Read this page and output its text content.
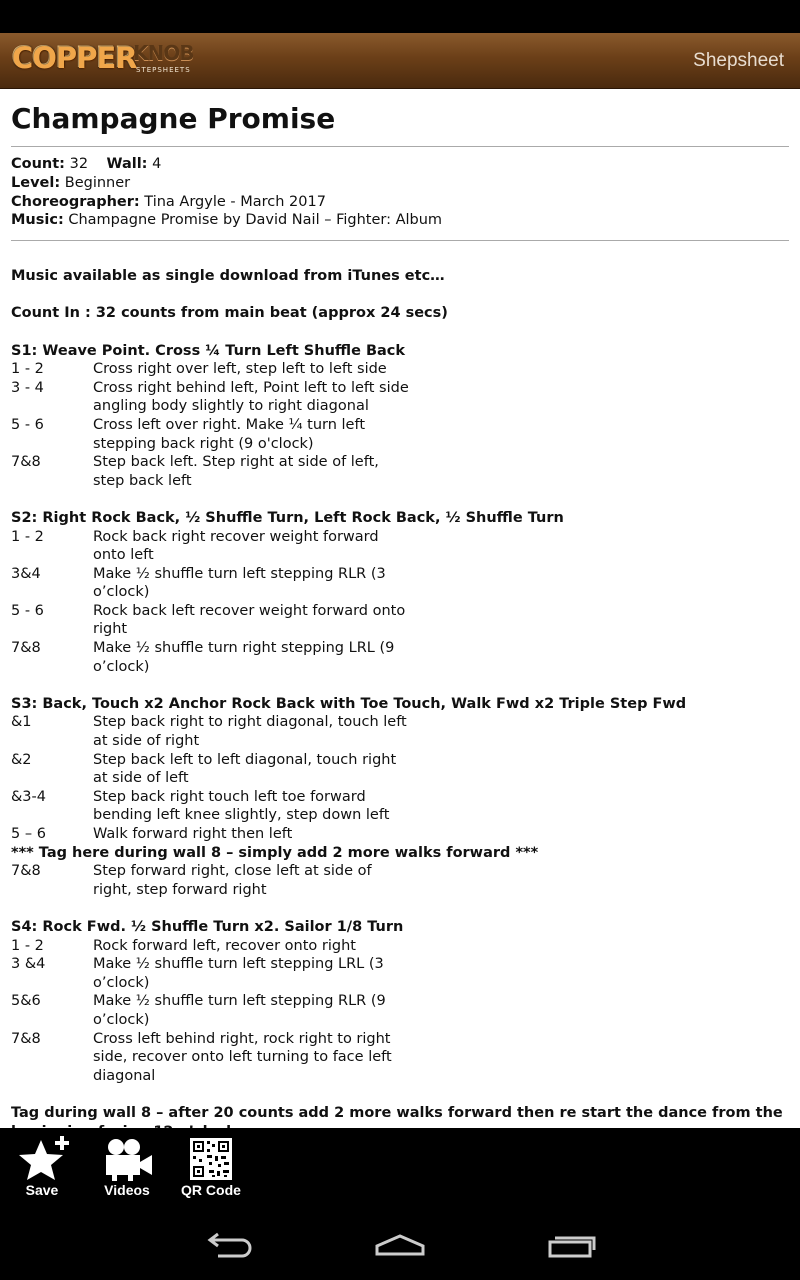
COPPER
KNOB
STEPSHEETS	Shepsheet
Champagne Promise
Count: 32 Wall: 4
Level: Beginner
Choreographer: Tina Argyle - March 2017
Music: Champagne Promise by David Nail – Fighter: Album
Music available as single download from iTunes etc…
Count In : 32 counts from main beat (approx 24 secs)
S1: Weave Point. Cross ¼ Turn Left Shuffle Back
1 - 2	Cross right over left, step left to left side
3 - 4	Cross right behind left, Point left to left side angling body slightly to right diagonal
5 - 6	Cross left over right. Make ¼ turn left stepping back right (9 o'clock)
7&8	Step back left. Step right at side of left, step back left
S2: Right Rock Back, ½ Shuffle Turn, Left Rock Back, ½ Shuffle Turn
1 - 2	Rock back right recover weight forward onto left
3&4	Make ½ shuffle turn left stepping RLR (3 o’clock)
5 - 6	Rock back left recover weight forward onto right
7&8	Make ½ shuffle turn right stepping LRL (9 o’clock)
S3: Back, Touch x2 Anchor Rock Back with Toe Touch, Walk Fwd x2 Triple Step Fwd
&1	Step back right to right diagonal, touch left at side of right
&2	Step back left to left diagonal, touch right at side of left
&3-4	Step back right touch left toe forward bending left knee slightly, step down left
5 – 6	Walk forward right then left
*** Tag here during wall 8 – simply add 2 more walks forward ***
7&8	Step forward right, close left at side of right, step forward right
S4: Rock Fwd. ½ Shuffle Turn x2. Sailor 1/8 Turn
1 - 2	Rock forward left, recover onto right
3 &4	Make ½ shuffle turn left stepping LRL (3 o’clock)
5&6	Make ½ shuffle turn left stepping RLR (9 o’clock)
7&8	Cross left behind right, rock right to right side, recover onto left turning to face left diagonal
Tag during wall 8 – after 20 counts add 2 more walks forward then re start the dance from the
Save	Videos	QR Code
